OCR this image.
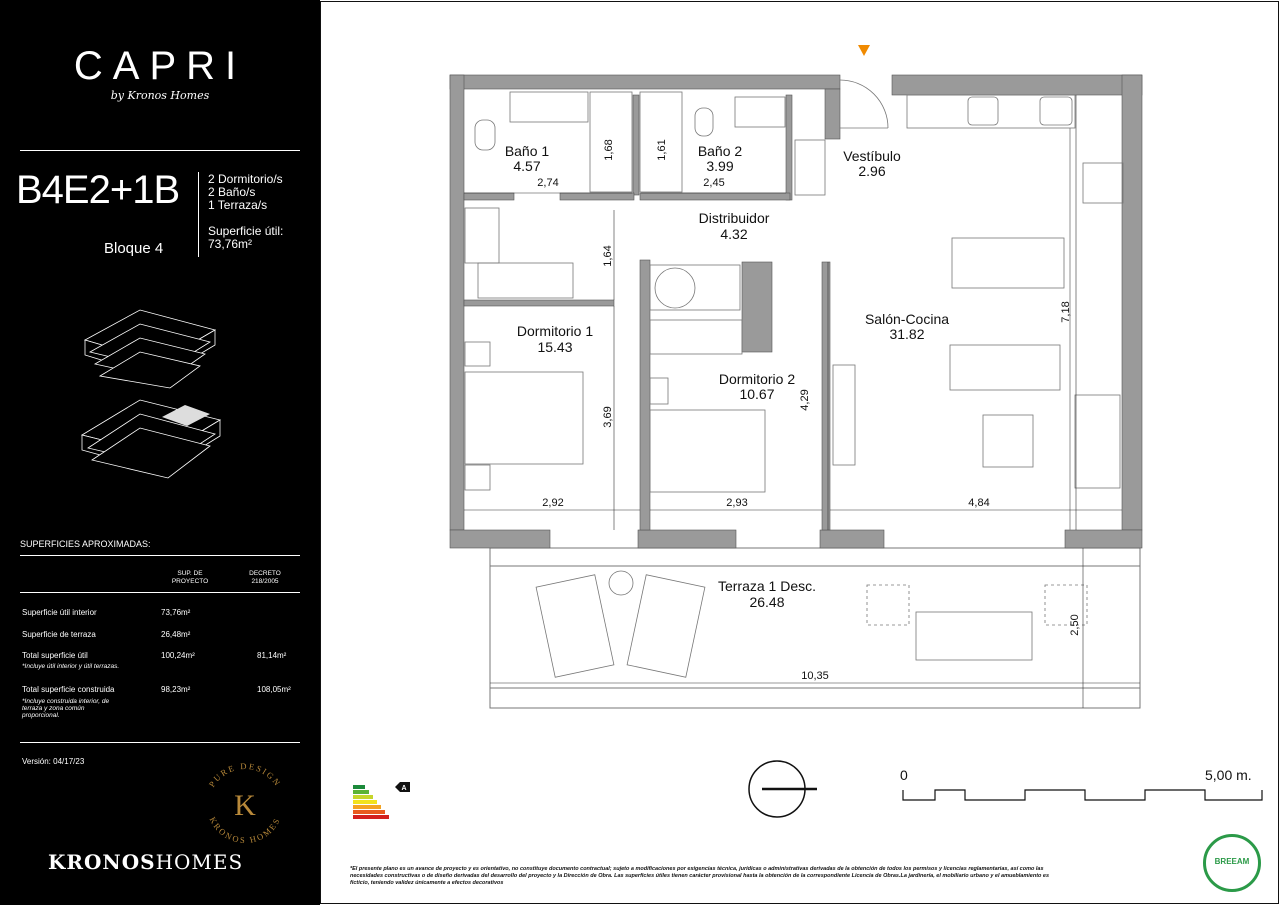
CAPRI
by Kronos Homes
B4E2+1B
Bloque 4
2 Dormitorio/s
2 Baño/s
1 Terraza/s
Superficie útil:
73,76m²
SUPERFICIES APROXIMADAS:
SUP. DE
PROYECTO
DECRETO
218/2005
Superficie útil interior	73,76m²
Superficie de terraza	26,48m²
Total superficie útil	100,24m²	81,14m²
*Incluye útil interior y útil terrazas.
Total superficie construida	98,23m²	108,05m²
*Incluye construida interior, de terraza y zona común proporcional.
Versión: 04/17/23
PURE DESIGN
KRONOS HOMES
K
KRONOSHOMES
Baño 1
4.57
Baño 2
3.99
Vestíbulo
2.96
Distribuidor
4.32
Dormitorio 1
15.43
Dormitorio 2
10.67
Salón-Cocina
31.82
Terraza 1 Desc.
26.48
2,74
1,68	1,61
2,45
1,64
3,69
4,29
7,18
2,92	2,93	4,84
2,50
10,35
A
0	5,00 m.
*El presente plano es un avance de proyecto y es orientativo, no constituye documento contractual; sujeto a modificaciones por exigencias técnica, jurídicas o administrativas derivadas de la obtención de todos los permisos y licencias reglamentarias, así como las necesidades constructivas o de diseño derivadas del desarrollo del proyecto y la Dirección de Obra. Las superficies útiles tienen carácter provisional hasta la obtención de la correspondiente Licencia de Obras.La jardinería, el mobiliario urbano y el amueblamiento es ficticio, teniendo validez únicamente a efectos decorativos
BREEAM
